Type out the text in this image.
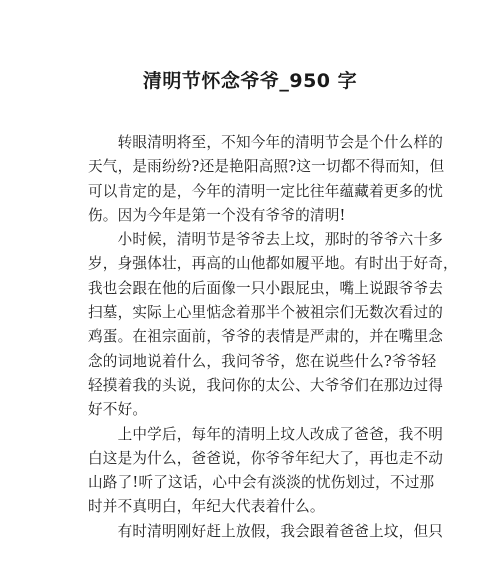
清明节怀念爷爷_950 字
　　转眼清明将至，不知今年的清明节会是个什么样的
天气，是雨纷纷?还是艳阳高照?这一切都不得而知，但
可以肯定的是，今年的清明一定比往年蕴藏着更多的忧
伤。因为今年是第一个没有爷爷的清明!
　　小时候，清明节是爷爷去上坟，那时的爷爷六十多
岁，身强体壮，再高的山他都如履平地。有时出于好奇，
我也会跟在他的后面像一只小跟屁虫，嘴上说跟爷爷去
扫墓，实际上心里惦念着那半个被祖宗们无数次看过的
鸡蛋。在祖宗面前，爷爷的表情是严肃的，并在嘴里念
念的词地说着什么，我问爷爷，您在说些什么?爷爷轻
轻摸着我的头说，我问你的太公、大爷爷们在那边过得
好不好。
　　上中学后，每年的清明上坟人改成了爸爸，我不明
白这是为什么，爸爸说，你爷爷年纪大了，再也走不动
山路了!听了这话，心中会有淡淡的忧伤划过，不过那
时并不真明白，年纪大代表着什么。
　　有时清明刚好赶上放假，我会跟着爸爸上坟，但只
